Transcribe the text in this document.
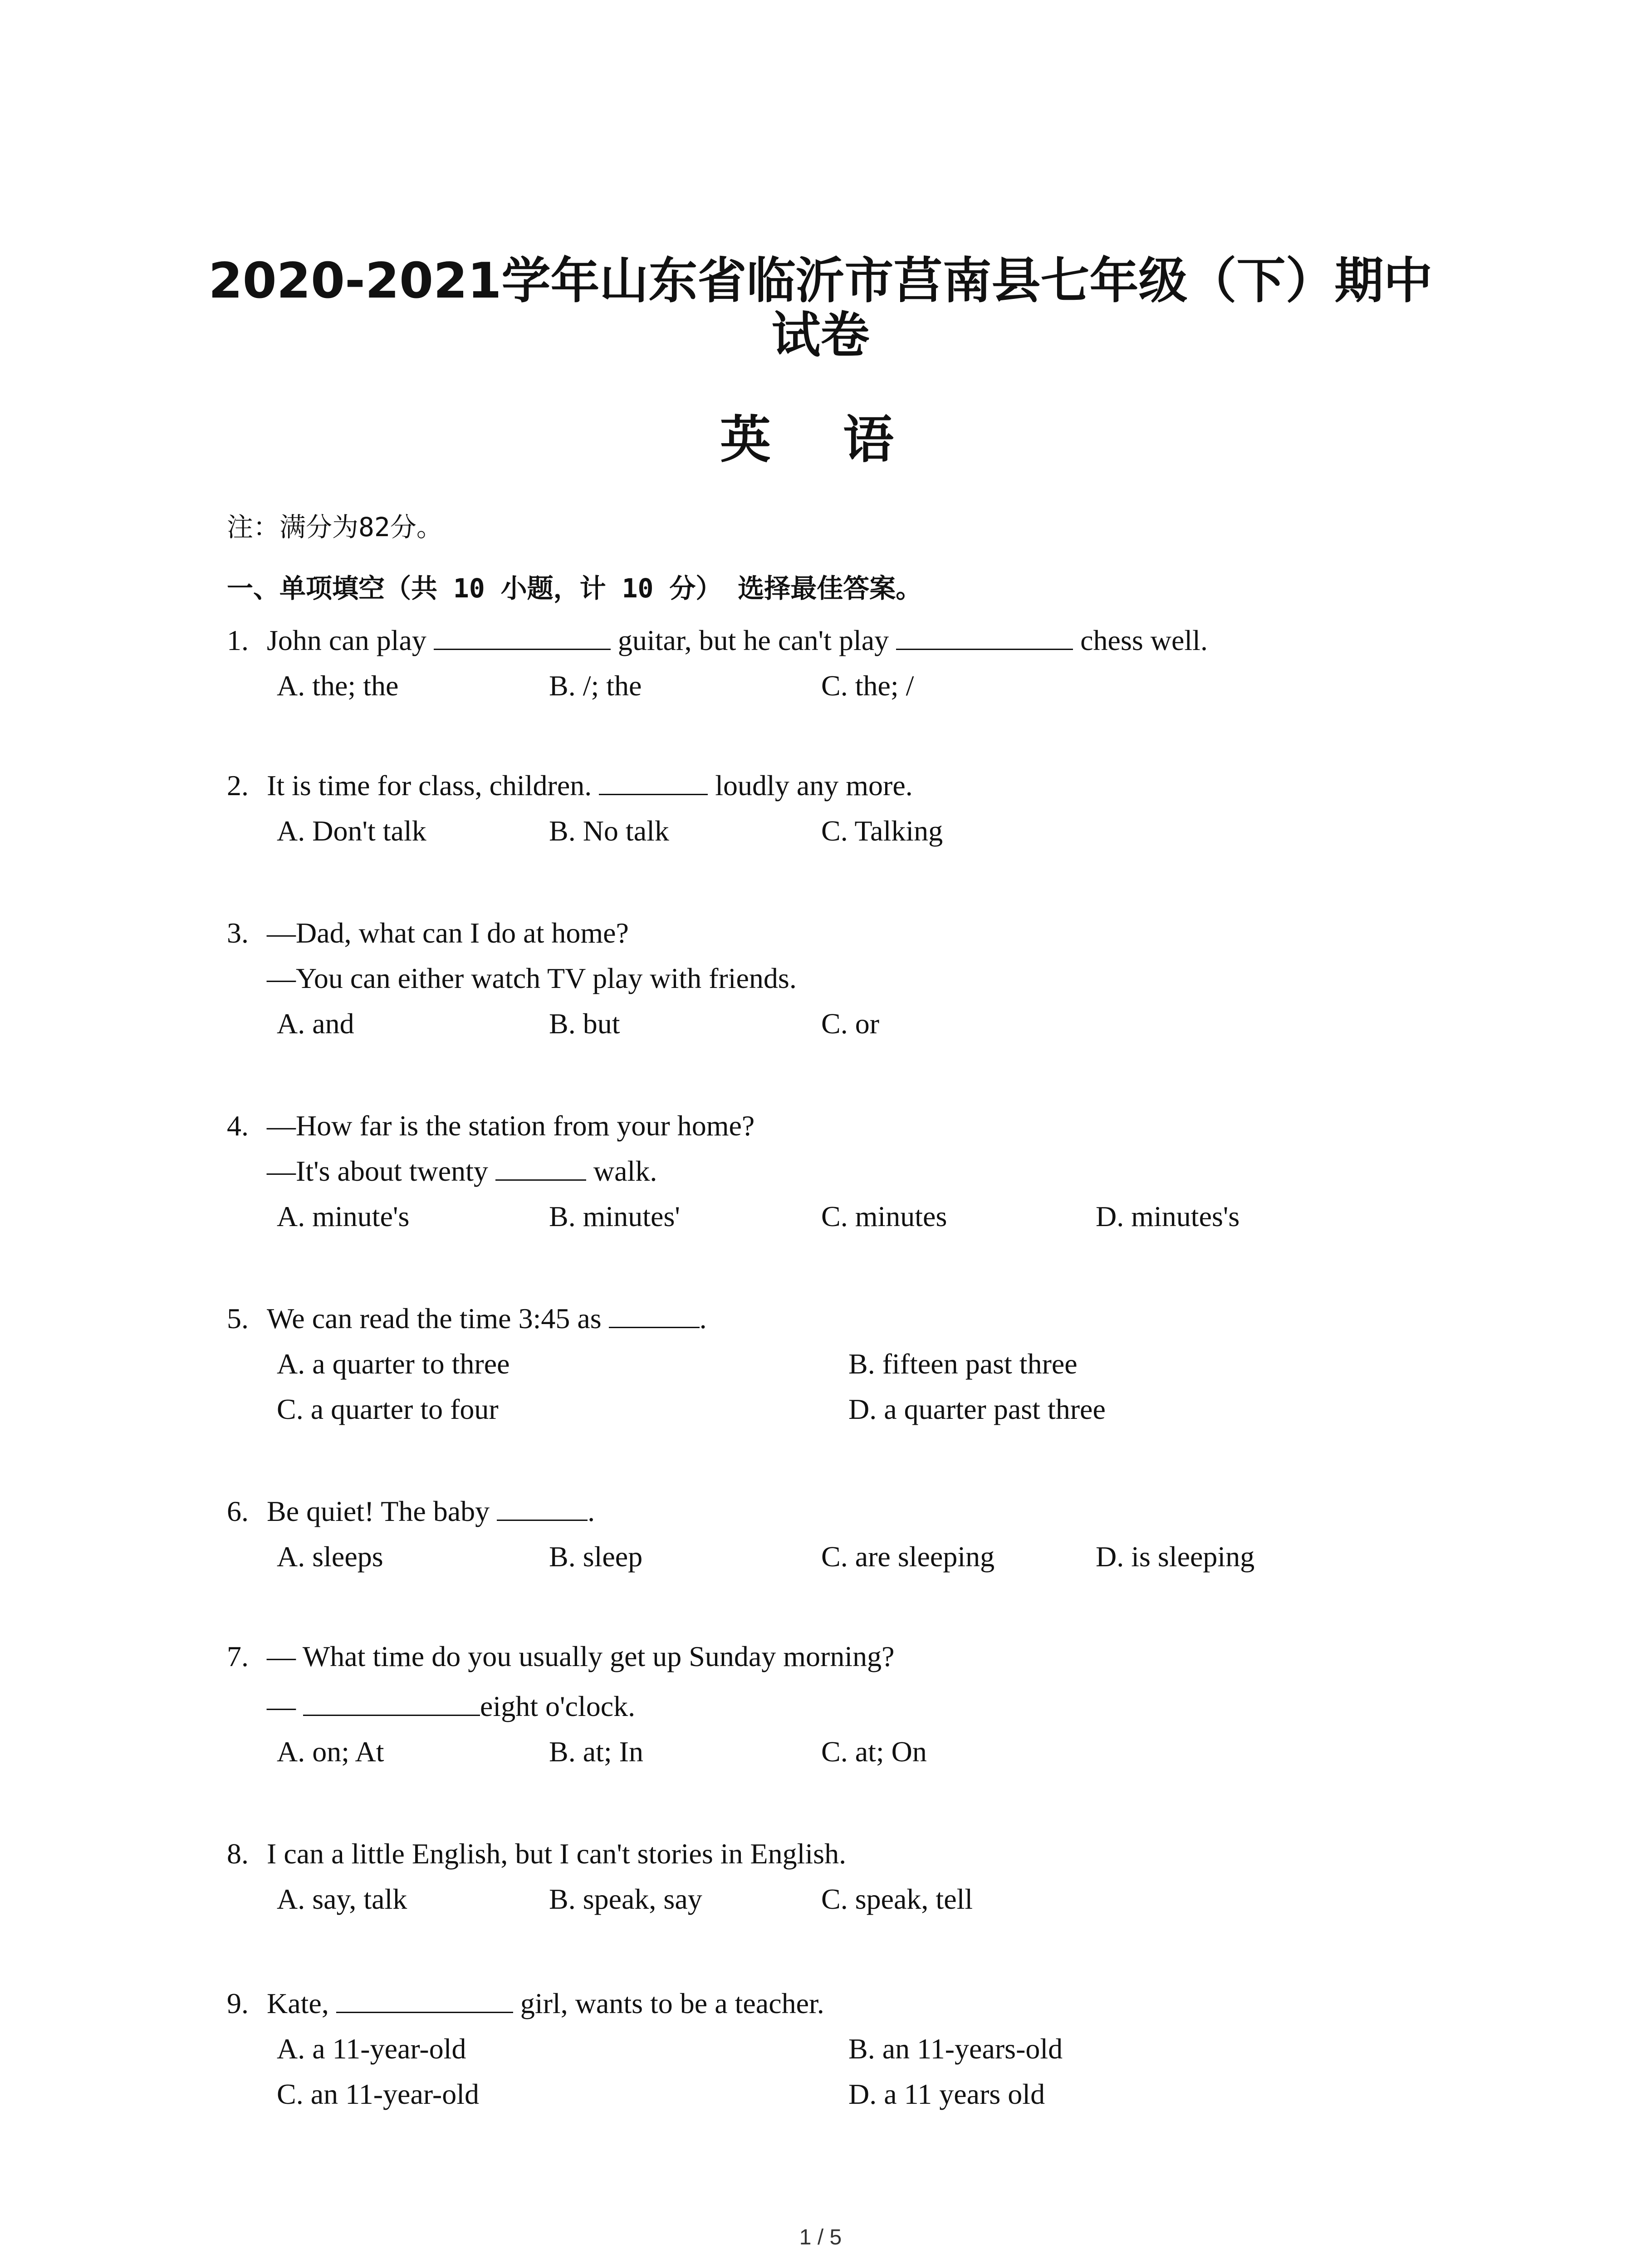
2020-2021学年山东省临沂市莒南县七年级（下）期中
试卷
英 语
注：满分为82分。
一、单项填空（共 10 小题，计 10 分） 选择最佳答案。
1. John can play	guitar, but he can't play	chess well.
A. the; the	B. /; the	C. the; /
2. It is time for class, children.	loudly any more.
A. Don't talk	B. No talk	C. Talking
3. —Dad, what can I do at home?
—You can either watch TV play with friends.
A. and	B. but	C. or
4. —How far is the station from your home?
—It's about twenty	walk.
A. minute's	B. minutes'	C. minutes	D. minutes's
5. We can read the time 3:45 as	.
A. a quarter to three	B. fifteen past three
C. a quarter to four	D. a quarter past three
6. Be quiet! The baby	.
A. sleeps	B. sleep	C. are sleeping	D. is sleeping
7. — What time do you usually get up Sunday morning?
—	eight o'clock.
A. on; At	B. at; In	C. at; On
8. I can a little English, but I can't stories in English.
A. say, talk	B. speak, say	C. speak, tell
9. Kate,	girl, wants to be a teacher.
A. a 11-year-old	B. an 11-years-old
C. an 11-year-old	D. a 11 years old
1 / 5
